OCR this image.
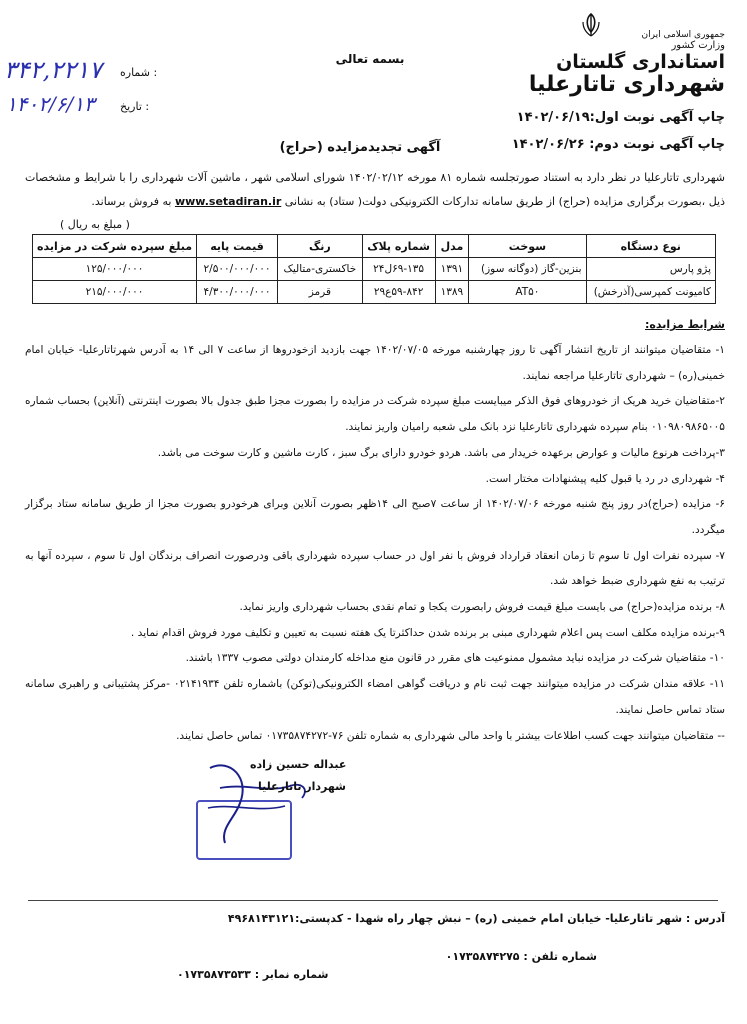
جمهوری اسلامی ایران
وزارت کشور
استانداری گلستان
شهرداری تاتارعلیا
بسمه تعالی
: شماره
: تاریخ
۳۴۲,۲۲۱۷
۱۴۰۲/۶/۱۳
چاپ آگهی نوبت اول:۱۴۰۲/۰۶/۱۹
چاپ آگهی نوبت دوم: ۱۴۰۲/۰۶/۲۶
آگهی تجدیدمزایده (حراج)
شهرداری تاتارعلیا در نظر دارد به استناد صورتجلسه شماره ۸۱ مورخه ۱۴۰۲/۰۲/۱۲ شورای اسلامی شهر ، ماشین آلات شهرداری را با شرایط و مشخصات ذیل ،بصورت برگزاری مزایده (حراج) از طریق سامانه تدارکات الکترونیکی دولت( ستاد) به نشانی www.setadiran.ir به فروش برساند.
( مبلغ به ریال )
نوع دستگاه	سوخت	مدل	شماره پلاک	رنگ	قیمت پایه	مبلغ سپرده شرکت در مزایده
پژو پارس	بنزین-گاز (دوگانه سوز)	۱۳۹۱	۶۹-۱۳۵ل۲۴	خاکستری-متالیک	۲/۵۰۰/۰۰۰/۰۰۰	۱۲۵/۰۰۰/۰۰۰
کامیونت کمپرسی(آذرخش)	AT۵۰	۱۳۸۹	۵۹-۸۴۲ع۲۹	قرمز	۴/۳۰۰/۰۰۰/۰۰۰	۲۱۵/۰۰۰/۰۰۰
شرایط مزایده:

۱- متقاضیان میتوانند از تاریخ انتشار آگهی تا روز چهارشنبه مورخه ۱۴۰۲/۰۷/۰۵ جهت بازدید ازخودروها از ساعت ۷ الی ۱۴ به آدرس شهرتاتارعلیا- خیابان امام خمینی(ره) – شهرداری تاتارعلیا مراجعه نمایند.

۲-متقاضیان خرید هریک از خودروهای فوق الذکر میبایست مبلغ سپرده شرکت در مزایده را بصورت مجزا طبق جدول بالا بصورت اینترنتی (آنلاین) بحساب شماره ۰۱۰۹۸۰۹۸۶۵۰۰۵ بنام سپرده شهرداری تاتارعلیا نزد بانک ملی شعبه رامیان واریز نمایند.

۳-پرداخت هرنوع مالیات و عوارض برعهده خریدار می باشد. هردو خودرو دارای برگ سبز ، کارت ماشین و کارت سوخت می باشد.

۴- شهرداری در رد یا قبول کلیه پیشنهادات مختار است.

۶- مزایده (حراج)در روز پنج شنبه مورخه ۱۴۰۲/۰۷/۰۶ از ساعت ۷صبح الی ۱۴ظهر بصورت آنلاین وبرای هرخودرو بصورت مجزا از طریق سامانه ستاد برگزار میگردد.

۷- سپرده نفرات اول تا سوم تا زمان انعقاد قرارداد فروش با نفر اول در حساب سپرده شهرداری باقی ودرصورت انصراف برندگان اول تا سوم ، سپرده آنها به ترتیب به نفع شهرداری ضبط خواهد شد.

۸- برنده مزایده(حراج) می بایست مبلغ قیمت فروش رابصورت یکجا و تمام نقدی بحساب شهرداری واریز نماید.

۹-برنده مزایده مکلف است پس اعلام شهرداری مبنی بر برنده شدن حداکثرتا یک هفته نسبت به تعیین و تکلیف مورد فروش اقدام نماید .

۱۰- متقاضیان شرکت در مزایده نباید مشمول ممنوعیت های مقرر در قانون منع مداخله کارمندان دولتی مصوب ۱۳۳۷ باشند.

۱۱- علاقه مندان شرکت در مزایده میتوانند جهت ثبت نام و دریافت گواهی امضاء الکترونیکی(توکن) باشماره تلفن ۰۲۱۴۱۹۳۴ -مرکز پشتیبانی و راهبری سامانه ستاد تماس حاصل نمایند.

-- متقاضیان میتوانند جهت کسب اطلاعات بیشتر با واحد مالی شهرداری به شماره تلفن ۷۶-۰۱۷۳۵۸۷۴۲۷۲ تماس حاصل نمایند.

عبداله حسین زاده
شهردار تاتارعلیا
آدرس : شهر تاتارعلیا- خیابان امام خمینی (ره) – نبش چهار راه شهدا - کدپستی:۴۹۶۸۱۴۳۱۲۱
شماره تلفن : ۰۱۷۳۵۸۷۴۲۷۵
شماره نمابر : ۰۱۷۳۵۸۷۳۵۳۳
